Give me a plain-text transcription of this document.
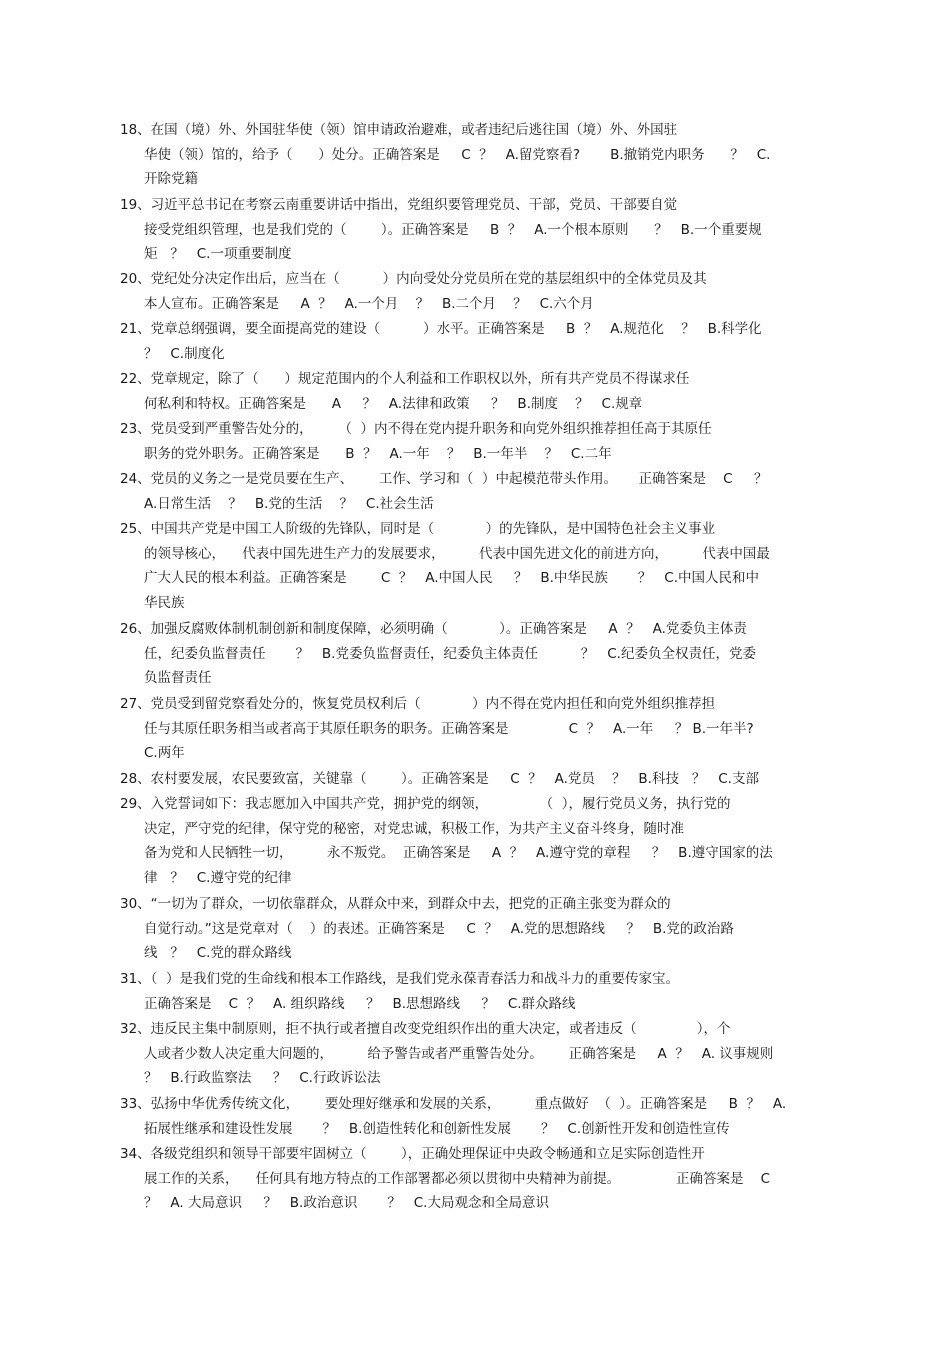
18、在国（境）外、外国驻华使（领）馆申请政治避难，或者违纪后逃往国（境）外、外国驻
华使（领）馆的，给予（      ）处分。正确答案是     C  ？   A.留党察看?       B.撤销党内职务      ？   C.
开除党籍
19、习近平总书记在考察云南重要讲话中指出，党组织要管理党员、干部，党员、干部要自觉
接受党组织管理，也是我们党的（        ）。正确答案是     B  ？   A.一个根本原则      ？   B.一个重要规
矩   ？   C.一项重要制度
20、党纪处分决定作出后，应当在（          ）内向受处分党员所在党的基层组织中的全体党员及其
本人宣布。正确答案是     A  ？   A.一个月    ？   B.二个月    ？   C.六个月
21、党章总纲强调，要全面提高党的建设（          ）水平。正确答案是     B  ？   A.规范化    ？   B.科学化
？   C.制度化
22、党章规定，除了（      ）规定范围内的个人利益和工作职权以外，所有共产党员不得谋求任
何私利和特权。正确答案是      A     ？   A.法律和政策     ？   B.制度    ？   C.规章
23、党员受到严重警告处分的，      （  ）内不得在党内提升职务和向党外组织推荐担任高于其原任
职务的党外职务。正确答案是      B  ？   A.一年    ？   B.一年半    ？   C.二年
24、党员的义务之一是党员要在生产、      工作、学习和（  ）中起模范带头作用。     正确答案是    C     ？
A.日常生活    ？   B.党的生活    ？   C.社会生活
25、中国共产党是中国工人阶级的先锋队，同时是（            ）的先锋队，是中国特色社会主义事业
的领导核心，    代表中国先进生产力的发展要求，        代表中国先进文化的前进方向，        代表中国最
广大人民的根本利益。正确答案是        C  ？   A.中国人民     ？   B.中华民族       ？   C.中国人民和中
华民族
26、加强反腐败体制机制创新和制度保障，必须明确（            ）。正确答案是     A  ？   A.党委负主体责
任，纪委负监督责任       ？   B.党委负监督责任，纪委负主体责任          ？   C.纪委负全权责任，党委
负监督责任
27、党员受到留党察看处分的，恢复党员权利后（            ）内不得在党内担任和向党外组织推荐担
任与其原任职务相当或者高于其原任职务的职务。正确答案是              C  ？   A.一年     ？ B.一年半?
C.两年
28、农村要发展，农民要致富，关键靠（        ）。正确答案是     C  ？   A.党员    ？   B.科技   ？   C.支部
29、入党誓词如下：我志愿加入中国共产党，拥护党的纲领，            （  ），履行党员义务，执行党的
决定，严守党的纪律，保守党的秘密，对党忠诚，积极工作，为共产主义奋斗终身，随时准
备为党和人民牺牲一切，        永不叛党。  正确答案是     A  ？   A.遵守党的章程     ？   B.遵守国家的法
律   ？   C.遵守党的纪律
30、“一切为了群众，一切依靠群众，从群众中来，到群众中去，把党的正确主张变为群众的
自觉行动。”这是党章对（    ）的表述。正确答案是     C  ？   A.党的思想路线     ？   B.党的政治路
线   ？   C.党的群众路线
31、（  ）是我们党的生命线和根本工作路线，是我们党永葆青春活力和战斗力的重要传家宝。
正确答案是    C  ？   A. 组织路线     ？   B.思想路线     ？   C.群众路线
32、违反民主集中制原则，拒不执行或者擅自改变党组织作出的重大决定，或者违反（              ），个
人或者少数人决定重大问题的，        给予警告或者严重警告处分。      正确答案是     A  ？   A. 议事规则
？   B.行政监察法     ？   C.行政诉讼法
33、弘扬中华优秀传统文化，      要处理好继承和发展的关系，        重点做好  （  ）。正确答案是     B  ？   A.
拓展性继承和建设性发展       ？   B.创造性转化和创新性发展       ？   C.创新性开发和创造性宣传
34、各级党组织和领导干部要牢固树立（        ），正确处理保证中央政令畅通和立足实际创造性开
展工作的关系，    任何具有地方特点的工作部署都必须以贯彻中央精神为前提。             正确答案是    C
？   A. 大局意识     ？   B.政治意识       ？   C.大局观念和全局意识
